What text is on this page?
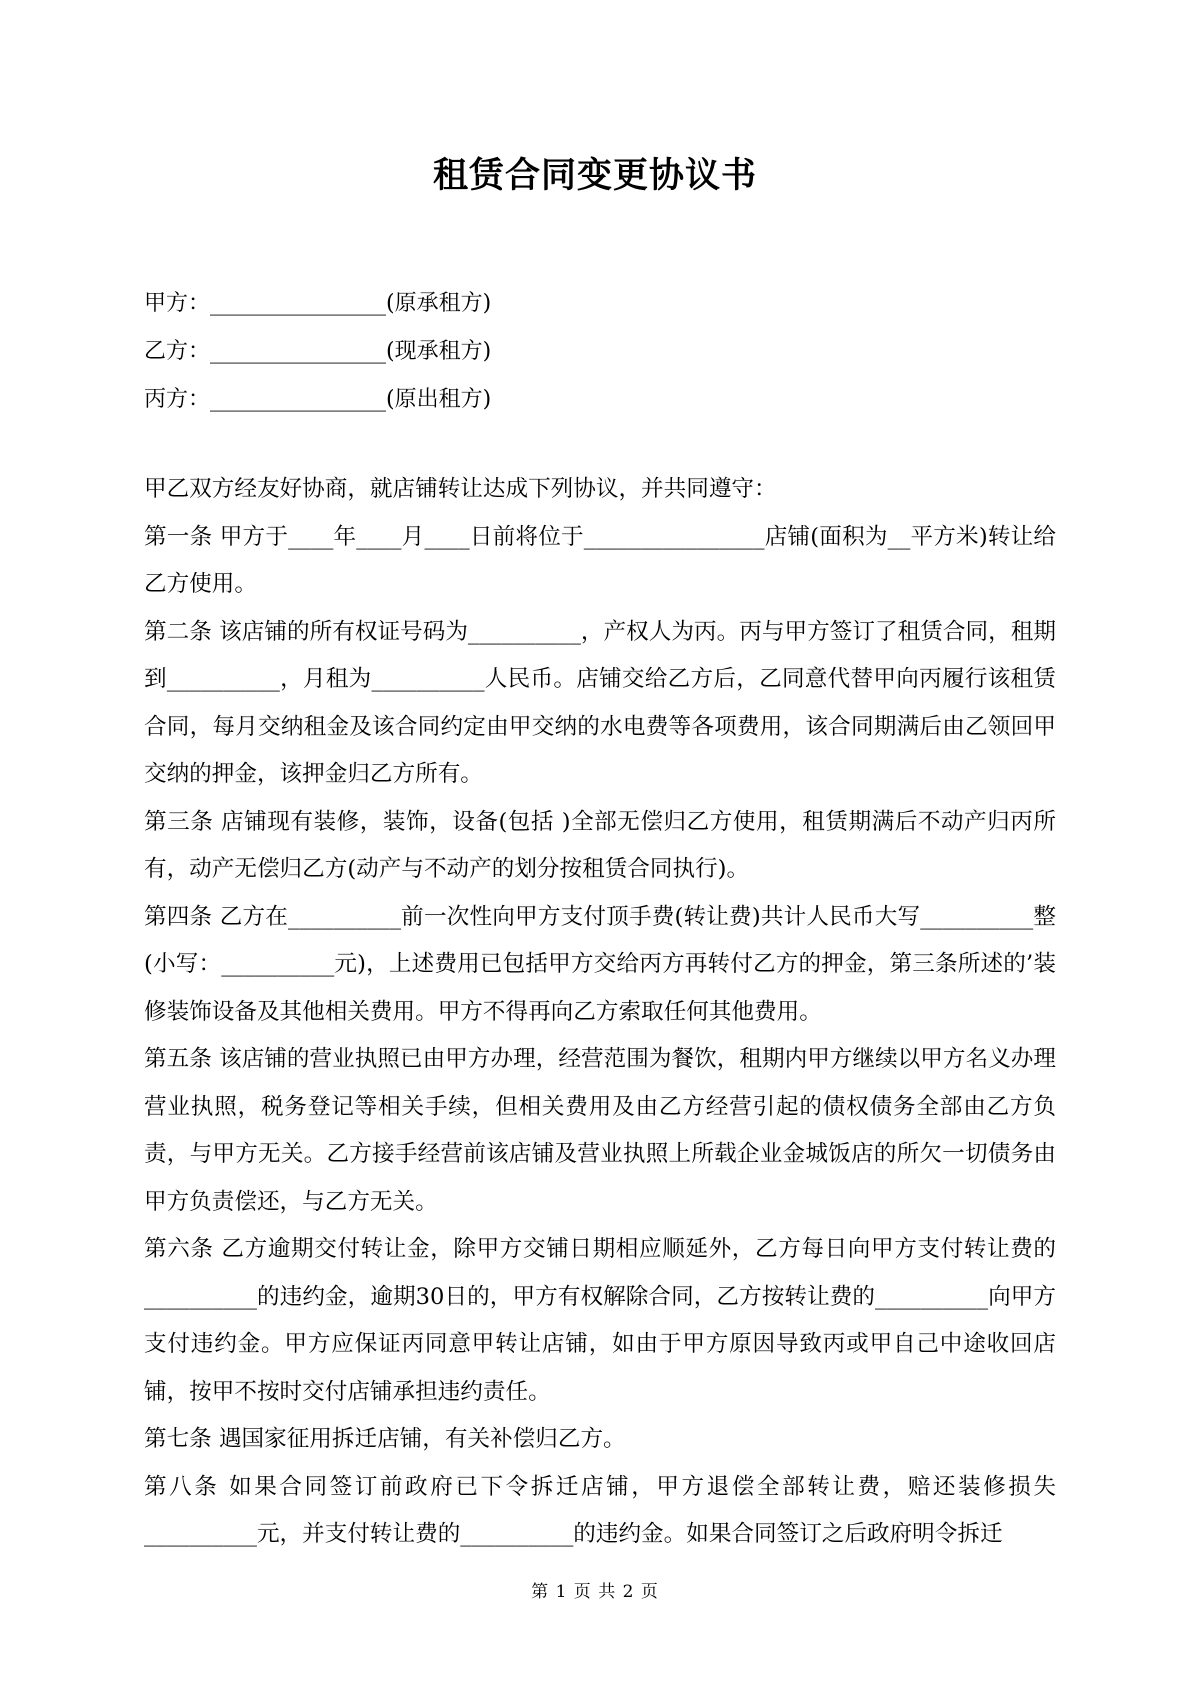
租赁合同变更协议书
甲方：________________(原承租方)
乙方：________________(现承租方)
丙方：________________(原出租方)

甲乙双方经友好协商，就店铺转让达成下列协议，并共同遵守：

第一条 甲方于____年____月____日前将位于________________店铺(面积为__平方米)转让给乙方使用。

第二条 该店铺的所有权证号码为__________，产权人为丙。丙与甲方签订了租赁合同，租期到__________，月租为__________人民币。店铺交给乙方后，乙同意代替甲向丙履行该租赁合同，每月交纳租金及该合同约定由甲交纳的水电费等各项费用，该合同期满后由乙领回甲交纳的押金，该押金归乙方所有。

第三条 店铺现有装修，装饰，设备(包括 )全部无偿归乙方使用，租赁期满后不动产归丙所有，动产无偿归乙方(动产与不动产的划分按租赁合同执行)。

第四条 乙方在__________前一次性向甲方支付顶手费(转让费)共计人民币大写__________整(小写：__________元)，上述费用已包括甲方交给丙方再转付乙方的押金，第三条所述的’装修装饰设备及其他相关费用。甲方不得再向乙方索取任何其他费用。

第五条 该店铺的营业执照已由甲方办理，经营范围为餐饮，租期内甲方继续以甲方名义办理营业执照，税务登记等相关手续，但相关费用及由乙方经营引起的债权债务全部由乙方负责，与甲方无关。乙方接手经营前该店铺及营业执照上所载企业金城饭店的所欠一切债务由甲方负责偿还，与乙方无关。

第六条 乙方逾期交付转让金，除甲方交铺日期相应顺延外，乙方每日向甲方支付转让费的__________的违约金，逾期30日的，甲方有权解除合同，乙方按转让费的__________向甲方支付违约金。甲方应保证丙同意甲转让店铺，如由于甲方原因导致丙或甲自己中途收回店铺，按甲不按时交付店铺承担违约责任。

第七条 遇国家征用拆迁店铺，有关补偿归乙方。

第八条 如果合同签订前政府已下令拆迁店铺，甲方退偿全部转让费，赔还装修损失__________元，并支付转让费的__________的违约金。如果合同签订之后政府明令拆迁

第 1 页 共 2 页
